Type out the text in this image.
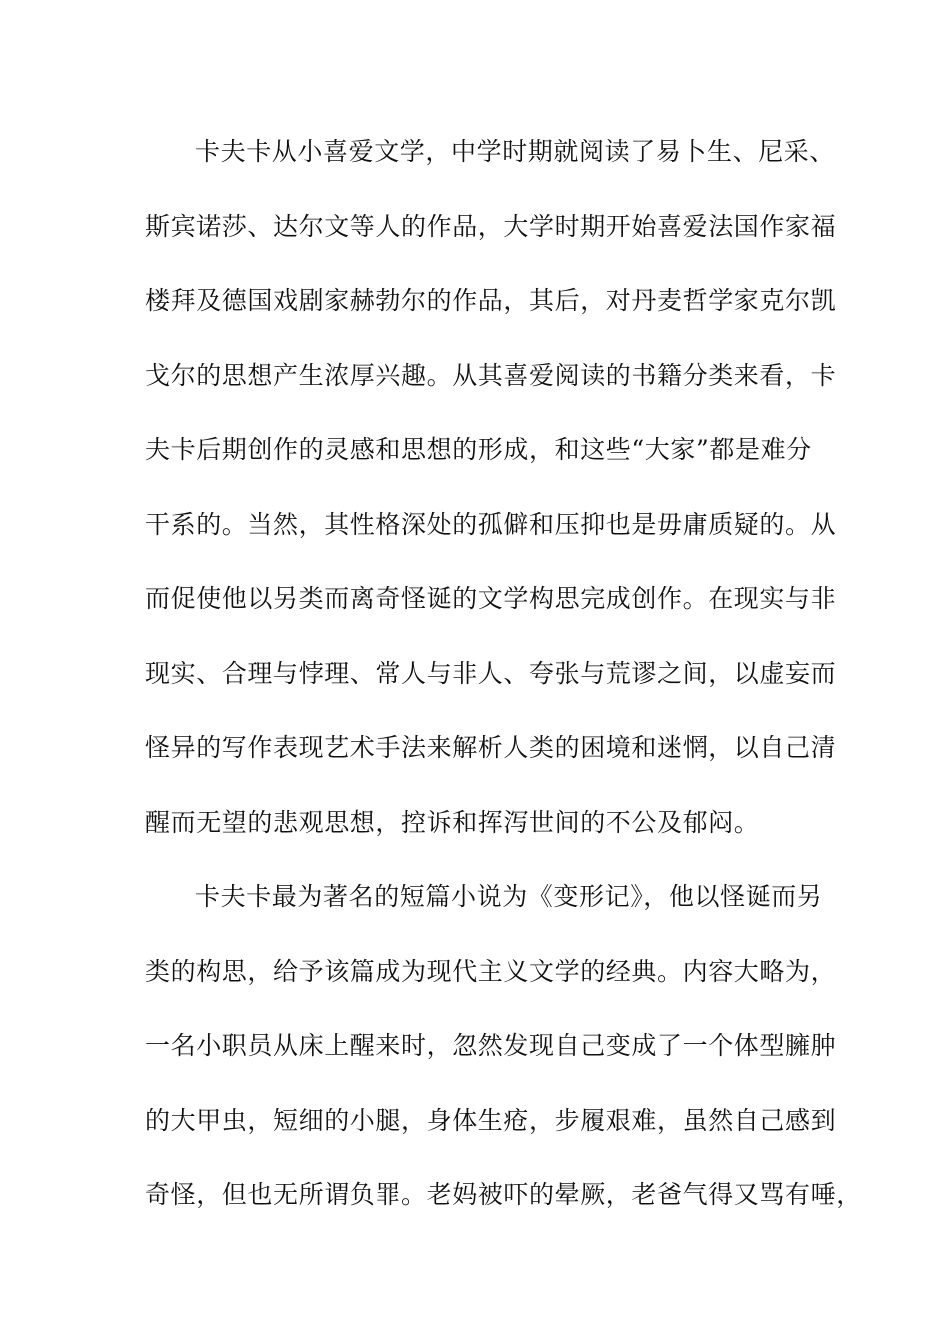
卡夫卡从小喜爱文学，中学时期就阅读了易卜生、尼采、
斯宾诺莎、达尔文等人的作品，大学时期开始喜爱法国作家福
楼拜及德国戏剧家赫勃尔的作品，其后，对丹麦哲学家克尔凯
戈尔的思想产生浓厚兴趣。从其喜爱阅读的书籍分类来看，卡
夫卡后期创作的灵感和思想的形成，和这些“大家”都是难分
干系的。当然，其性格深处的孤僻和压抑也是毋庸质疑的。从
而促使他以另类而离奇怪诞的文学构思完成创作。在现实与非
现实、合理与悖理、常人与非人、夸张与荒谬之间，以虚妄而
怪异的写作表现艺术手法来解析人类的困境和迷惘，以自己清
醒而无望的悲观思想，控诉和挥泻世间的不公及郁闷。
卡夫卡最为著名的短篇小说为《变形记》，他以怪诞而另
类的构思，给予该篇成为现代主义文学的经典。内容大略为，
一名小职员从床上醒来时，忽然发现自己变成了一个体型臃肿
的大甲虫，短细的小腿，身体生疮，步履艰难，虽然自己感到
奇怪，但也无所谓负罪。老妈被吓的晕厥，老爸气得又骂有唾，
